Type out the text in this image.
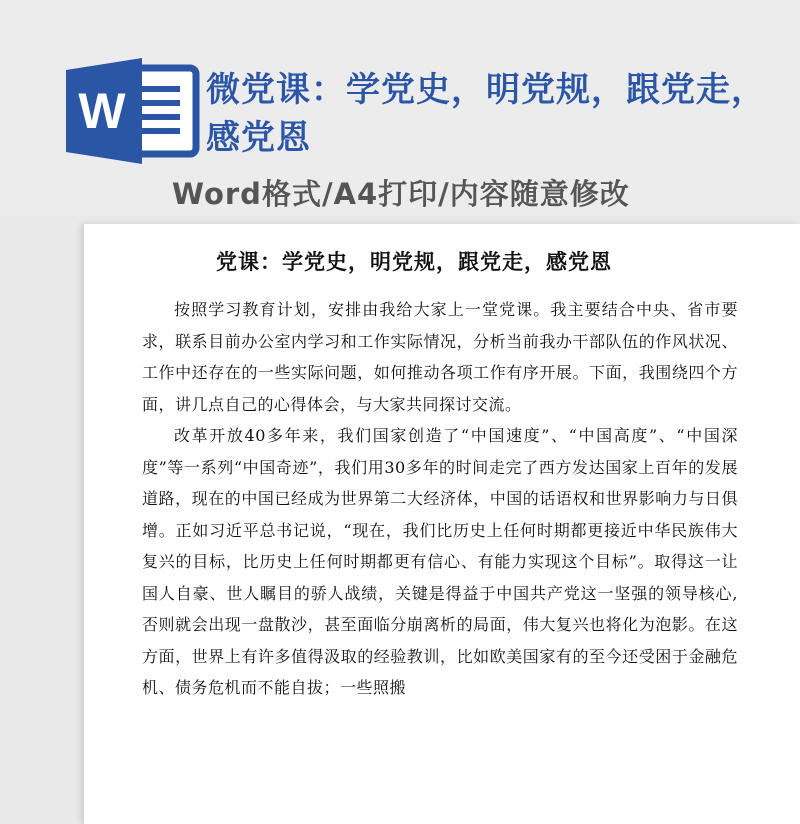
W 微党课：学党史，明党规，跟党走，感党恩
Word格式/A4打印/内容随意修改
党课：学党史，明党规，跟党走，感党恩

按照学习教育计划，安排由我给大家上一堂党课。我主要结合中央、省市要求，联系目前办公室内学习和工作实际情况，分析当前我办干部队伍的作风状况、工作中还存在的一些实际问题，如何推动各项工作有序开展。下面，我围绕四个方面，讲几点自己的心得体会，与大家共同探讨交流。

改革开放40多年来，我们国家创造了“中国速度”、“中国高度”、“中国深度”等一系列“中国奇迹”，我们用30多年的时间走完了西方发达国家上百年的发展道路，现在的中国已经成为世界第二大经济体，中国的话语权和世界影响力与日俱增。正如习近平总书记说，“现在，我们比历史上任何时期都更接近中华民族伟大复兴的目标，比历史上任何时期都更有信心、有能力实现这个目标”。取得这一让国人自豪、世人瞩目的骄人战绩，关键是得益于中国共产党这一坚强的领导核心,否则就会出现一盘散沙，甚至面临分崩离析的局面，伟大复兴也将化为泡影。在这方面，世界上有许多值得汲取的经验教训，比如欧美国家有的至今还受困于金融危机、债务危机而不能自拔；一些照搬
